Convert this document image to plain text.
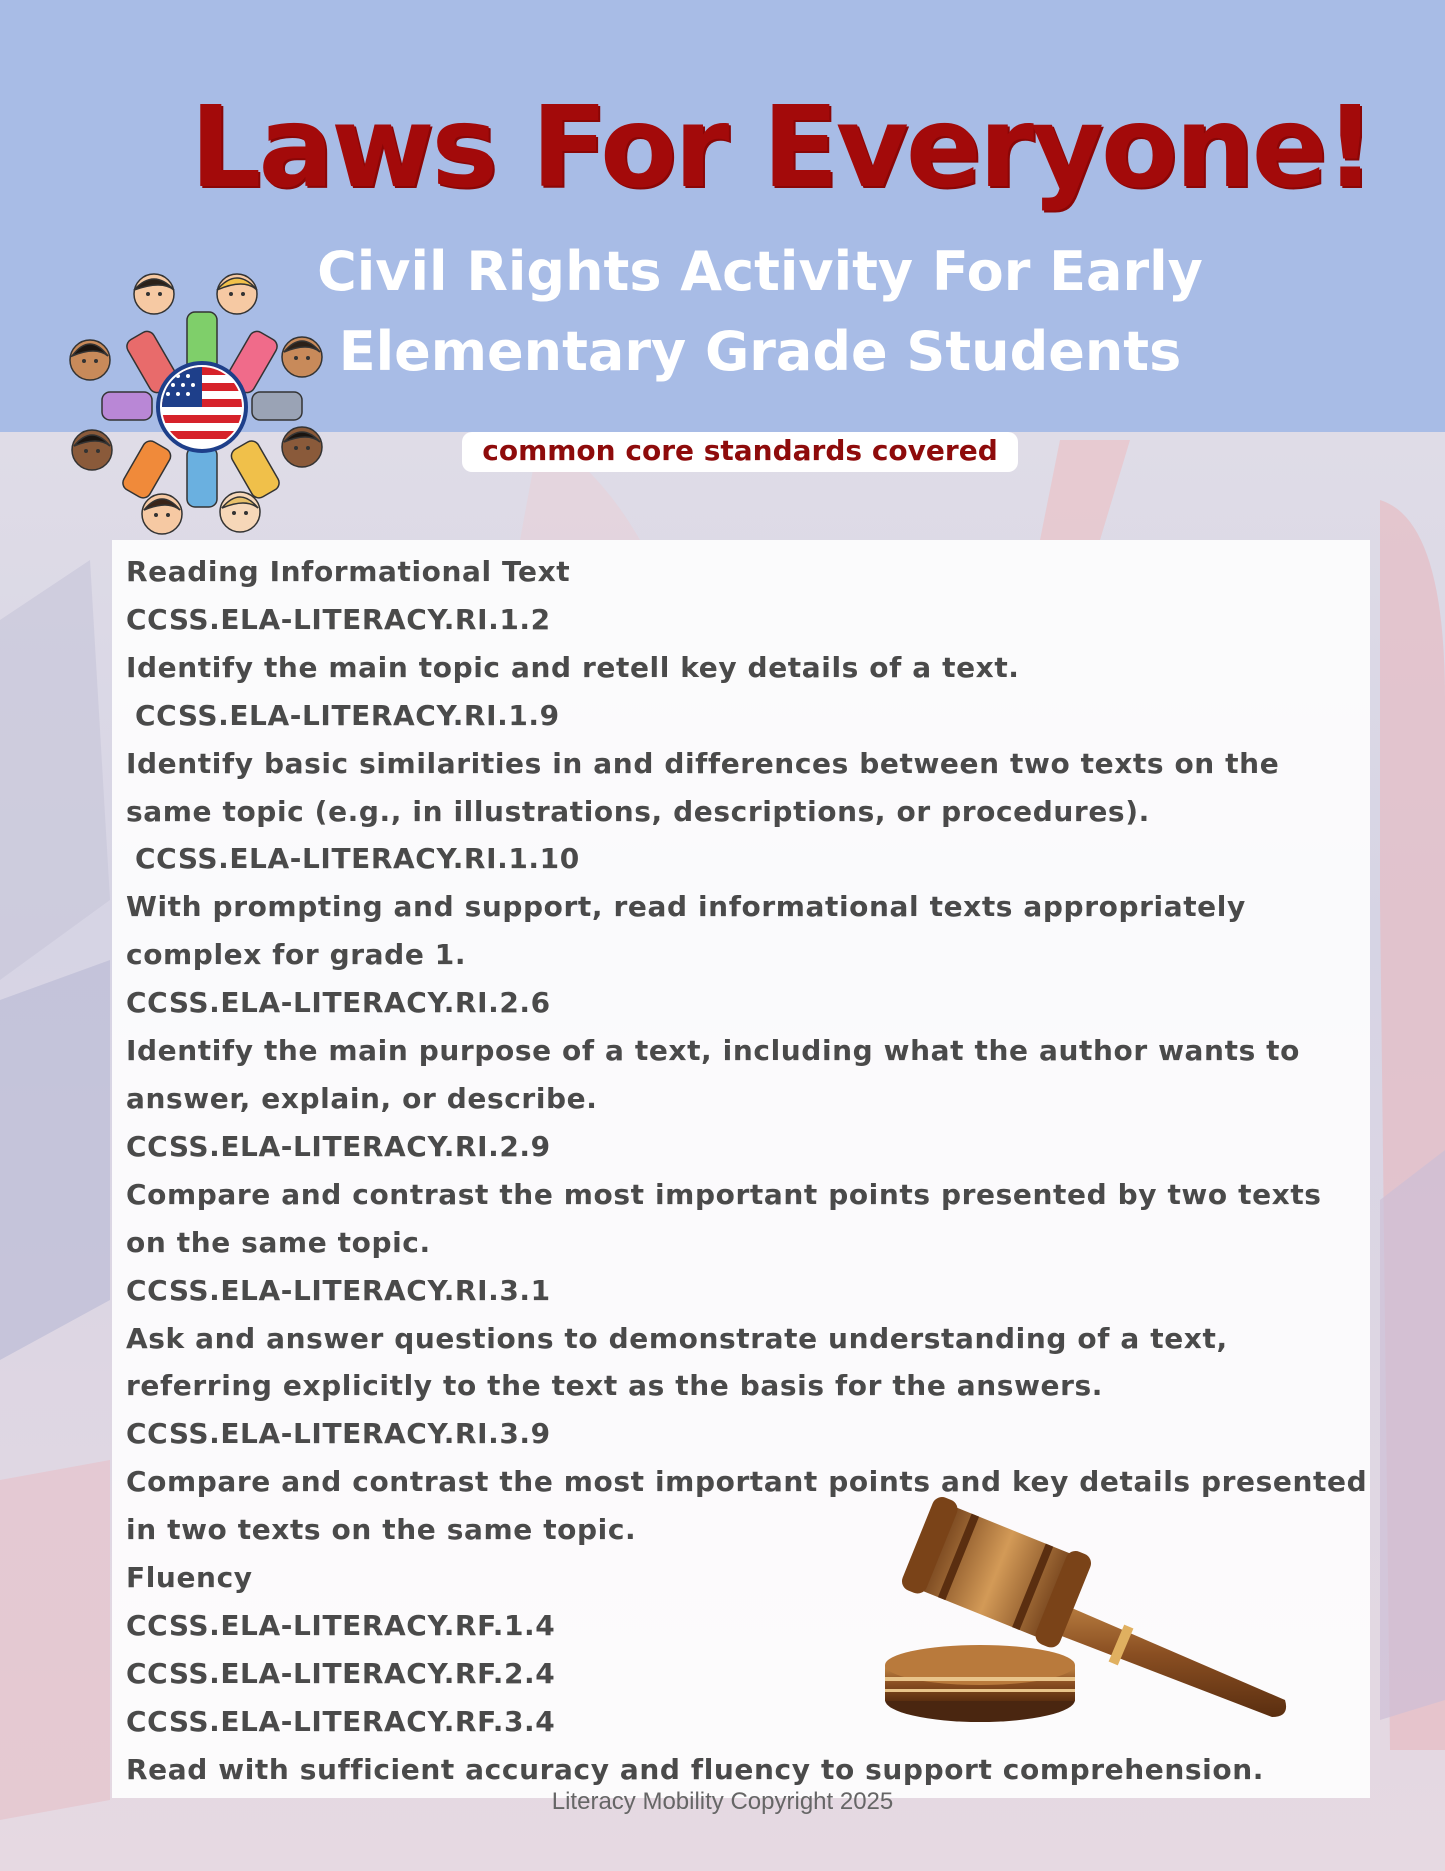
Laws For Everyone!
Civil Rights Activity For Early
Elementary Grade Students
common core standards covered
Reading Informational Text
CCSS.ELA-LITERACY.RI.1.2
Identify the main topic and retell key details of a text.
CCSS.ELA-LITERACY.RI.1.9
Identify basic similarities in and differences between two texts on the
same topic (e.g., in illustrations, descriptions, or procedures).
CCSS.ELA-LITERACY.RI.1.10
With prompting and support, read informational texts appropriately
complex for grade 1.
CCSS.ELA-LITERACY.RI.2.6
Identify the main purpose of a text, including what the author wants to
answer, explain, or describe.
CCSS.ELA-LITERACY.RI.2.9
Compare and contrast the most important points presented by two texts
on the same topic.
CCSS.ELA-LITERACY.RI.3.1
Ask and answer questions to demonstrate understanding of a text,
referring explicitly to the text as the basis for the answers.
CCSS.ELA-LITERACY.RI.3.9
Compare and contrast the most important points and key details presented
in two texts on the same topic.
Fluency
CCSS.ELA-LITERACY.RF.1.4
CCSS.ELA-LITERACY.RF.2.4
CCSS.ELA-LITERACY.RF.3.4
Read with sufficient accuracy and fluency to support comprehension.
Literacy Mobility Copyright 2025
